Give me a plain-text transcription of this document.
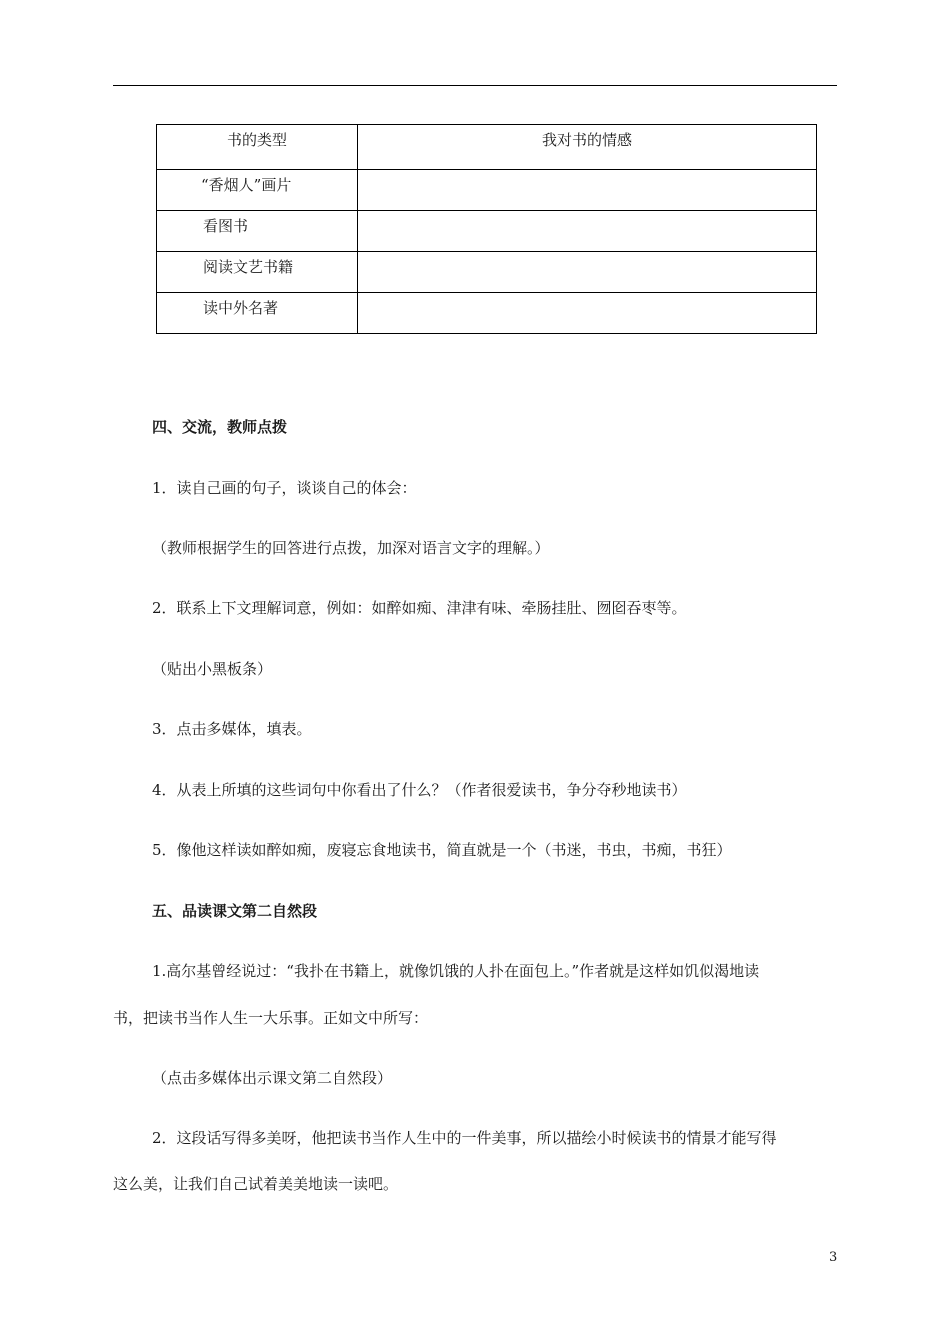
书的类型	我对书的情感
“香烟人”画片	
看图书	
阅读文艺书籍	
读中外名著	
四、交流，教师点拨
1．读自己画的句子，谈谈自己的体会：
（教师根据学生的回答进行点拨，加深对语言文字的理解。）
2．联系上下文理解词意，例如：如醉如痴、津津有味、牵肠挂肚、囫囵吞枣等。
（贴出小黑板条）
3．点击多媒体，填表。
4．从表上所填的这些词句中你看出了什么？（作者很爱读书，争分夺秒地读书）
5．像他这样读如醉如痴，废寝忘食地读书，简直就是一个（书迷，书虫，书痴，书狂）
五、品读课文第二自然段
1.高尔基曾经说过：“我扑在书籍上，就像饥饿的人扑在面包上。”作者就是这样如饥似渴地读
书，把读书当作人生一大乐事。正如文中所写：
（点击多媒体出示课文第二自然段）
2．这段话写得多美呀，他把读书当作人生中的一件美事，所以描绘小时候读书的情景才能写得
这么美，让我们自己试着美美地读一读吧。
3
